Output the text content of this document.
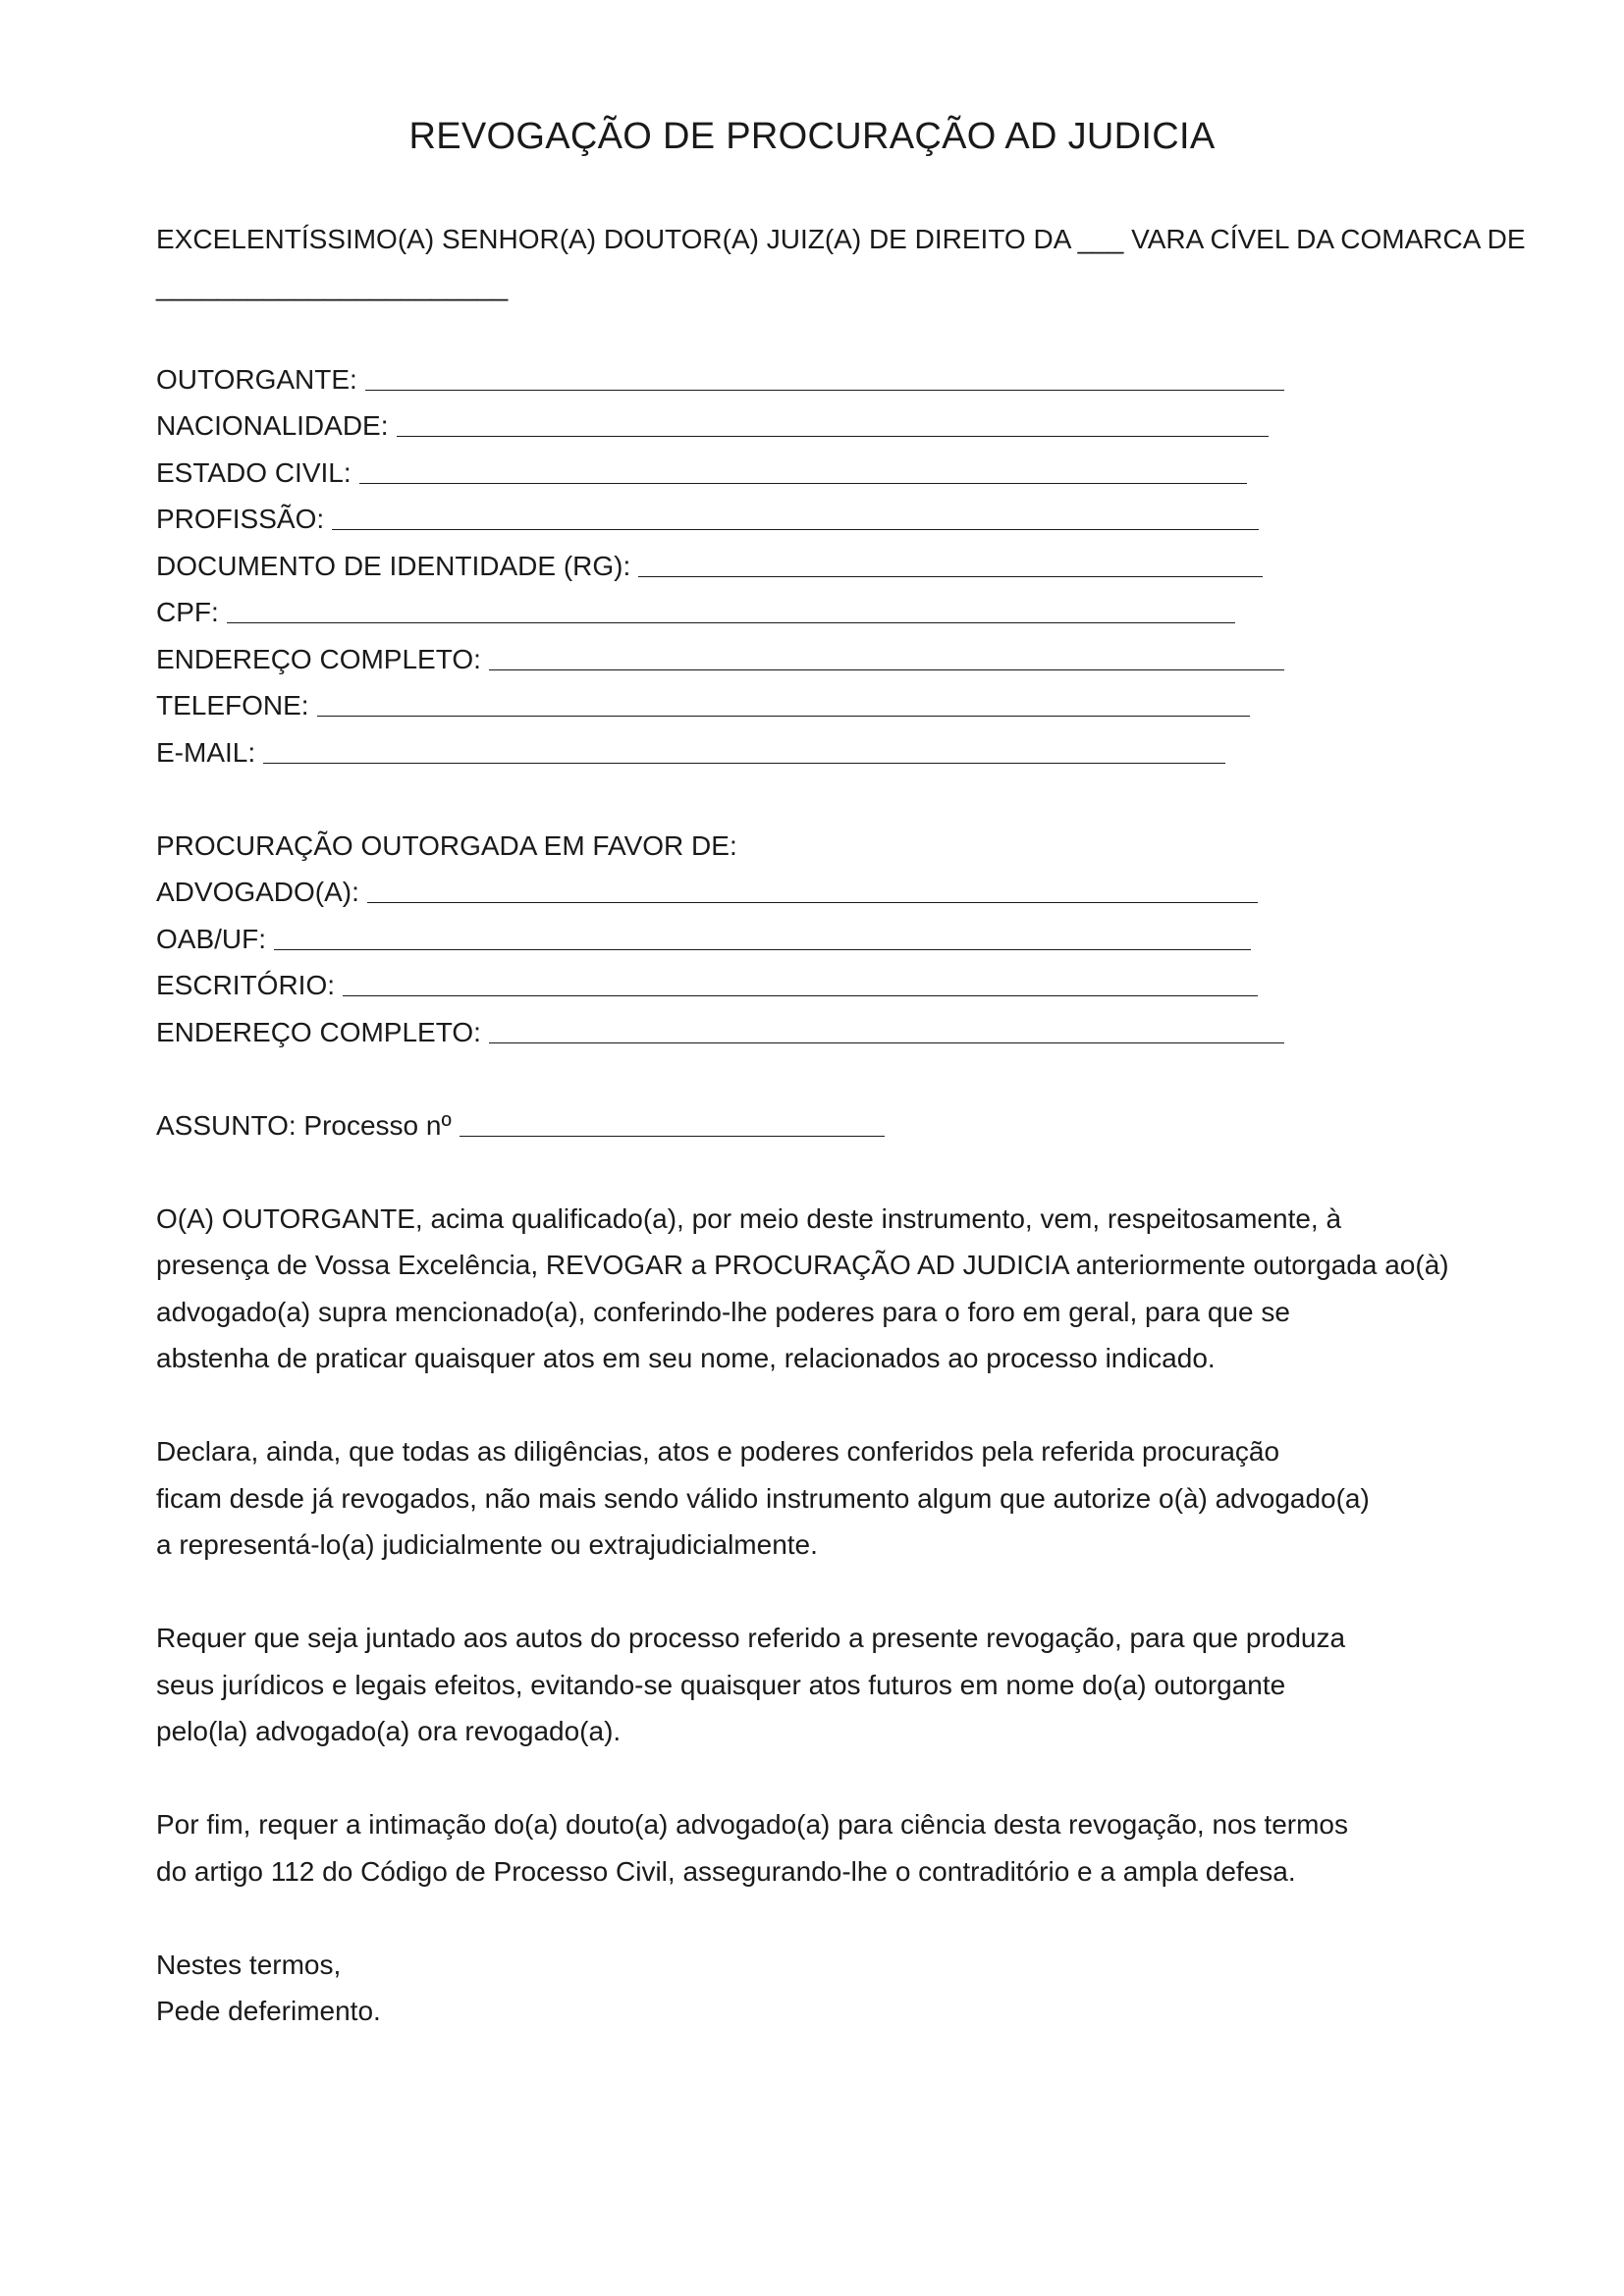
REVOGAÇÃO DE PROCURAÇÃO AD JUDICIA
EXCELENTÍSSIMO(A) SENHOR(A) DOUTOR(A) JUIZ(A) DE DIREITO DA ___ VARA CÍVEL DA COMARCA DE
_______________________
OUTORGANTE:
NACIONALIDADE:
ESTADO CIVIL:
PROFISSÃO:
DOCUMENTO DE IDENTIDADE (RG):
CPF:
ENDEREÇO COMPLETO:
TELEFONE:
E-MAIL:
PROCURAÇÃO OUTORGADA EM FAVOR DE:
ADVOGADO(A):
OAB/UF:
ESCRITÓRIO:
ENDEREÇO COMPLETO:
ASSUNTO: Processo nº
O(A) OUTORGANTE, acima qualificado(a), por meio deste instrumento, vem, respeitosamente, à
presença de Vossa Excelência, REVOGAR a PROCURAÇÃO AD JUDICIA anteriormente outorgada ao(à)
advogado(a) supra mencionado(a), conferindo-lhe poderes para o foro em geral, para que se
abstenha de praticar quaisquer atos em seu nome, relacionados ao processo indicado.
Declara, ainda, que todas as diligências, atos e poderes conferidos pela referida procuração
ficam desde já revogados, não mais sendo válido instrumento algum que autorize o(à) advogado(a)
a representá-lo(a) judicialmente ou extrajudicialmente.
Requer que seja juntado aos autos do processo referido a presente revogação, para que produza
seus jurídicos e legais efeitos, evitando-se quaisquer atos futuros em nome do(a) outorgante
pelo(la) advogado(a) ora revogado(a).
Por fim, requer a intimação do(a) douto(a) advogado(a) para ciência desta revogação, nos termos
do artigo 112 do Código de Processo Civil, assegurando-lhe o contraditório e a ampla defesa.
Nestes termos,
Pede deferimento.
